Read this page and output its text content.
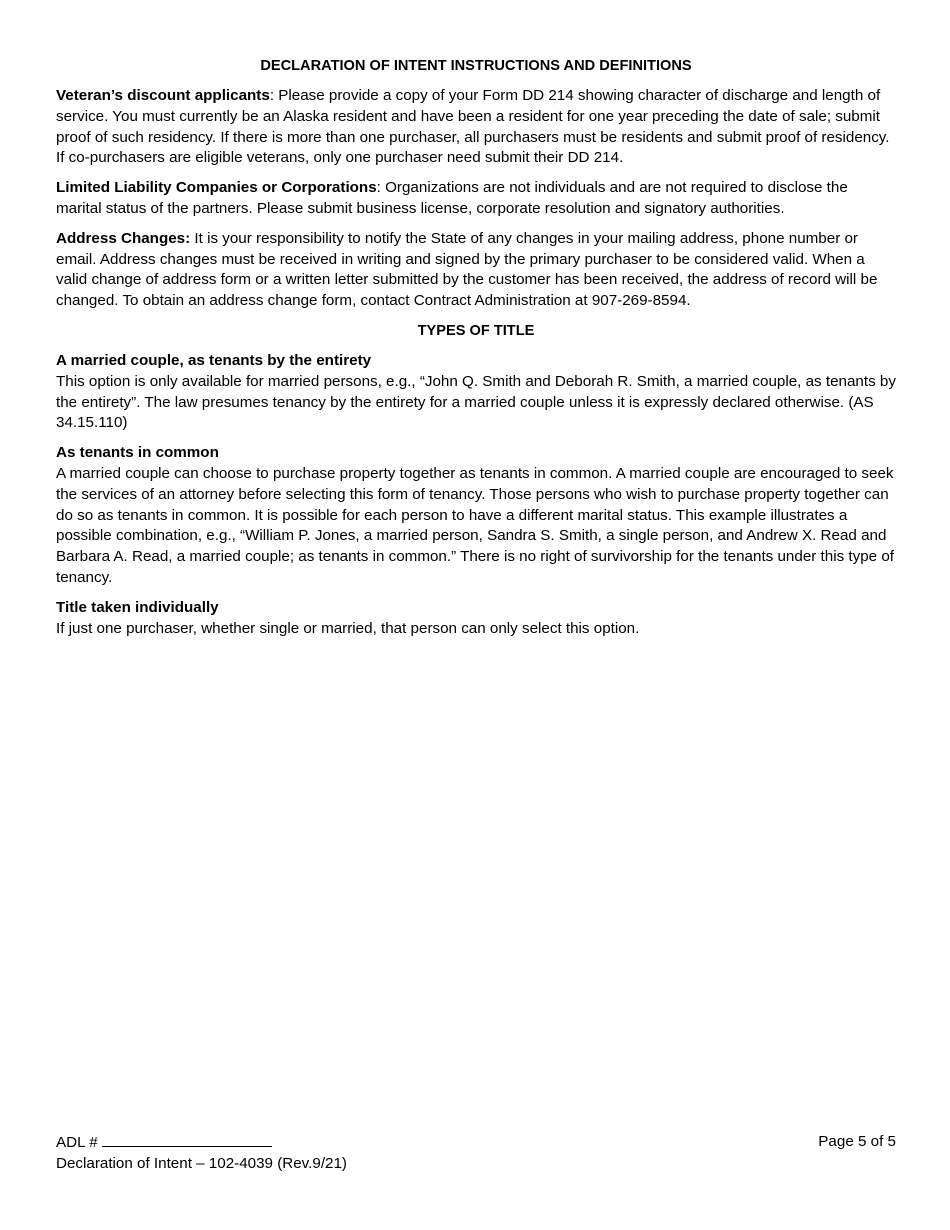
DECLARATION OF INTENT INSTRUCTIONS AND DEFINITIONS

Veteran’s discount applicants: Please provide a copy of your Form DD 214 showing character of discharge and length of service. You must currently be an Alaska resident and have been a resident for one year preceding the date of sale; submit proof of such residency. If there is more than one purchaser, all purchasers must be residents and submit proof of residency. If co-purchasers are eligible veterans, only one purchaser need submit their DD 214.

Limited Liability Companies or Corporations: Organizations are not individuals and are not required to disclose the marital status of the partners. Please submit business license, corporate resolution and signatory authorities.

Address Changes: It is your responsibility to notify the State of any changes in your mailing address, phone number or email. Address changes must be received in writing and signed by the primary purchaser to be considered valid. When a valid change of address form or a written letter submitted by the customer has been received, the address of record will be changed. To obtain an address change form, contact Contract Administration at 907-269-8594.

TYPES OF TITLE

A married couple, as tenants by the entirety

This option is only available for married persons, e.g., “John Q. Smith and Deborah R. Smith, a married couple, as tenants by the entirety”. The law presumes tenancy by the entirety for a married couple unless it is expressly declared otherwise. (AS 34.15.110)

As tenants in common

A married couple can choose to purchase property together as tenants in common. A married couple are encouraged to seek the services of an attorney before selecting this form of tenancy. Those persons who wish to purchase property together can do so as tenants in common. It is possible for each person to have a different marital status. This example illustrates a possible combination, e.g., “William P. Jones, a married person, Sandra S. Smith, a single person, and Andrew X. Read and Barbara A. Read, a married couple; as tenants in common.” There is no right of survivorship for the tenants under this type of tenancy.

Title taken individually

If just one purchaser, whether single or married, that person can only select this option.

ADL #	Page 5 of 5
Declaration of Intent – 102-4039 (Rev.9/21)
